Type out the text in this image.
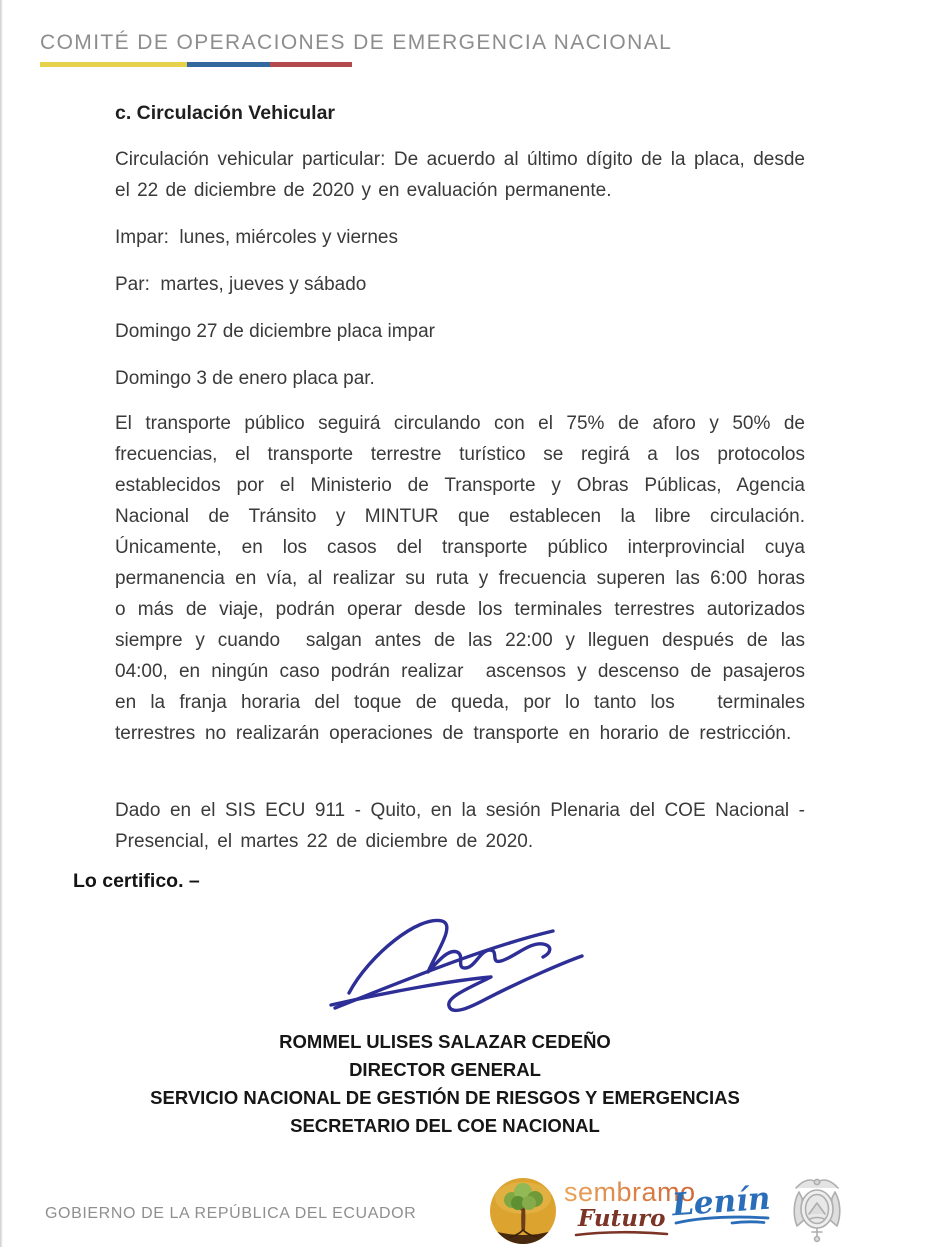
COMITÉ DE OPERACIONES DE EMERGENCIA NACIONAL
c. Circulación Vehicular

Circulación vehicular particular: De acuerdo al último dígito de la placa, desde el 22 de diciembre de 2020 y en evaluación permanente.

Impar:  lunes, miércoles y viernes

Par:  martes, jueves y sábado

Domingo 27 de diciembre placa impar

Domingo 3 de enero placa par.

El transporte público seguirá circulando con el 75% de aforo y 50% de frecuencias, el transporte terrestre turístico se regirá a los protocolos establecidos por el Ministerio de Transporte y Obras Públicas, Agencia Nacional de Tránsito y MINTUR que establecen la libre circulación. Únicamente, en los casos del transporte público interprovincial cuya permanencia en vía, al realizar su ruta y frecuencia superen las 6:00 horas o más de viaje, podrán operar desde los terminales terrestres autorizados siempre y cuando  salgan antes de las 22:00 y lleguen después de las 04:00, en ningún caso podrán realizar  ascensos y descenso de pasajeros en la franja horaria del toque de queda, por lo tanto los   terminales terrestres no realizarán operaciones de transporte en horario de restricción.

Dado en el SIS ECU 911 - Quito, en la sesión Plenaria del COE Nacional - Presencial, el martes 22 de diciembre de 2020.

Lo certifico. –
ROMMEL ULISES SALAZAR CEDEÑO
DIRECTOR GENERAL
SERVICIO NACIONAL DE GESTIÓN DE RIESGOS Y EMERGENCIAS
SECRETARIO DEL COE NACIONAL
GOBIERNO DE LA REPÚBLICA DEL ECUADOR
sembramos
Futuro Lenín
